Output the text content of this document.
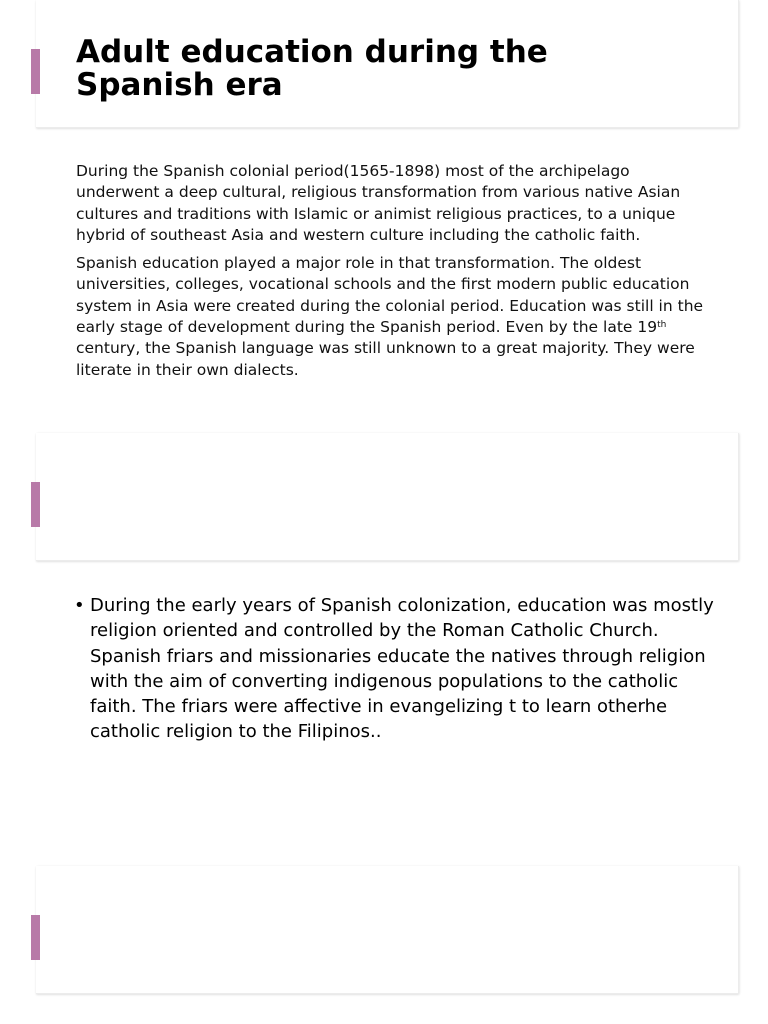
Adult education during the
Spanish era

During the Spanish colonial period(1565-1898) most of the archipelago underwent a deep cultural, religious transformation from various native Asian cultures and traditions with Islamic or animist religious practices, to a unique hybrid of southeast Asia and western culture including the catholic faith.

Spanish education played a major role in that transformation. The oldest universities, colleges, vocational schools and the first modern public education system in Asia were created during the colonial period. Education was still in the early stage of development during the Spanish period. Even by the late 19th century, the Spanish language was still unknown to a great majority. They were literate in their own dialects.

• During the early years of Spanish colonization, education was mostly religion oriented and controlled by the Roman Catholic Church. Spanish friars and missionaries educate the natives through religion with the aim of converting indigenous populations to the catholic faith. The friars were affective in evangelizing t to learn otherhe catholic religion to the Filipinos..
